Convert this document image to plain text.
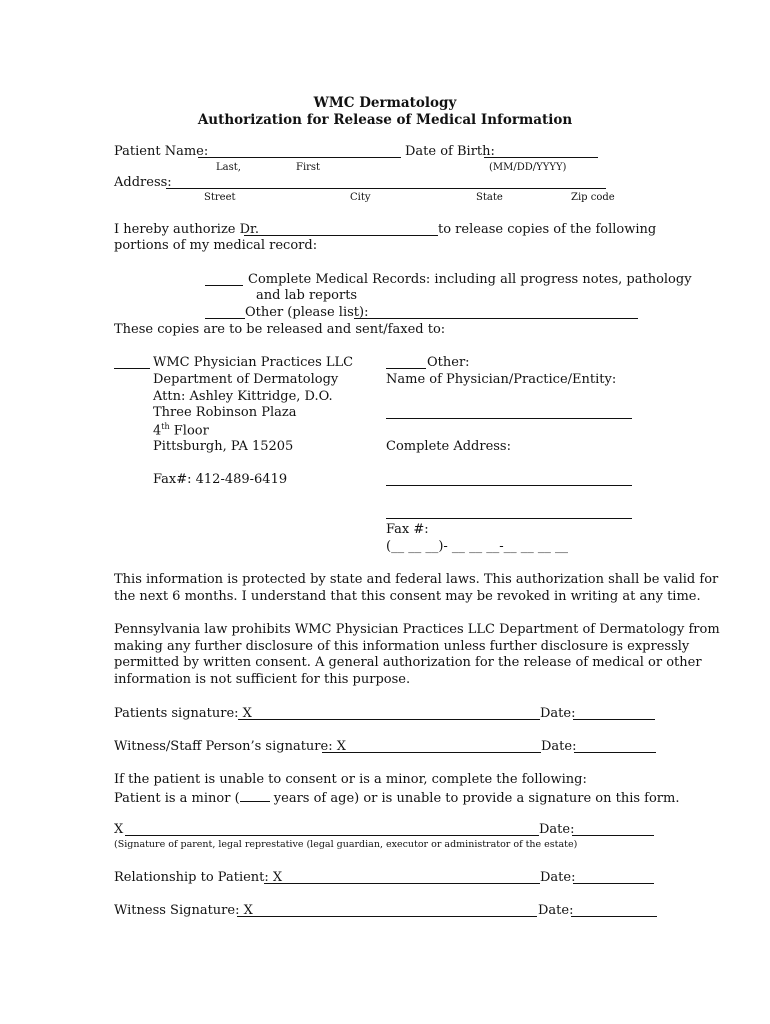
WMC Dermatology
Authorization for Release of Medical Information
Patient Name:	Date of Birth:
Last,	First	(MM/DD/YYYY)
Address:
Street	City	State	Zip code
I hereby authorize Dr.	to release copies of the following
portions of my medical record:
Complete Medical Records: including all progress notes, pathology
and lab reports
Other (please list):
These copies are to be released and sent/faxed to:
WMC Physician Practices LLC
Department of Dermatology
Attn: Ashley Kittridge, D.O.
Three Robinson Plaza
4th Floor
Pittsburgh, PA 15205
Fax#: 412-489-6419
Other:
Name of Physician/Practice/Entity:
Complete Address:
Fax #:
(__ __ __)- __ __ __-__ __ __ __
This information is protected by state and federal laws. This authorization shall be valid for
the next 6 months. I understand that this consent may be revoked in writing at any time.
Pennsylvania law prohibits WMC Physician Practices LLC Department of Dermatology from
making any further disclosure of this information unless further disclosure is expressly
permitted by written consent. A general authorization for the release of medical or other
information is not sufficient for this purpose.
Patients signature: X	Date:
Witness/Staff Person’s signature: X	Date:
If the patient is unable to consent or is a minor, complete the following:
Patient is a minor ( years of age) or is unable to provide a signature on this form.
X	Date:
(Signature of parent, legal represtative (legal guardian, executor or administrator of the estate)
Relationship to Patient: X	Date:
Witness Signature: X	Date:
